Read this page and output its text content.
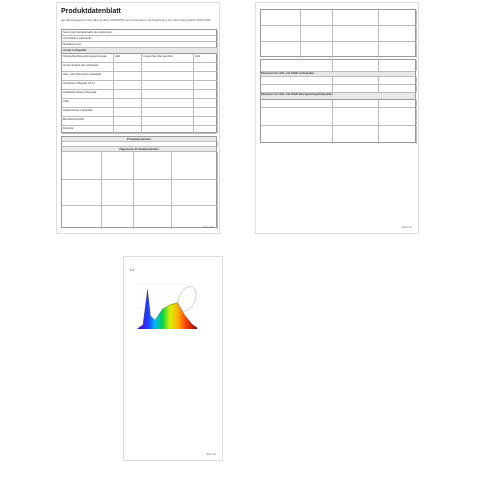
Produktdatenblatt
gemäß Delegierter Verordnung (EU) 2019/2015 der Kommission zur Ergänzung der Verordnung (EU) 2017/1369
Name oder Handelsmarke des Lieferanten:
Anschrift des Lieferanten:
Modellkennung:
Art der Lichtquelle:
Verwendete Beleuchtungstechnologie	LED	Ungerichtet oder gerichtet	GLS
Art der Sockels der Lichtquelle
Netz- oder Nicht-Netz-Lichtquelle
Vernetzte Lichtquelle (CLS)
Farbabstimmbare Lichtquelle
Hülle
Hochluminanz-Lichtquelle
Blendschutzschild
Dimmbar
Produktparameter
Allgemeine Produktparameter
Seite 1/3
Parameter für LED- und OLED-Lichtquellen
Parameter für LED- und OLED-Netzspannungslichtquellen
Seite 2/3
Lx
Seite 3/3
